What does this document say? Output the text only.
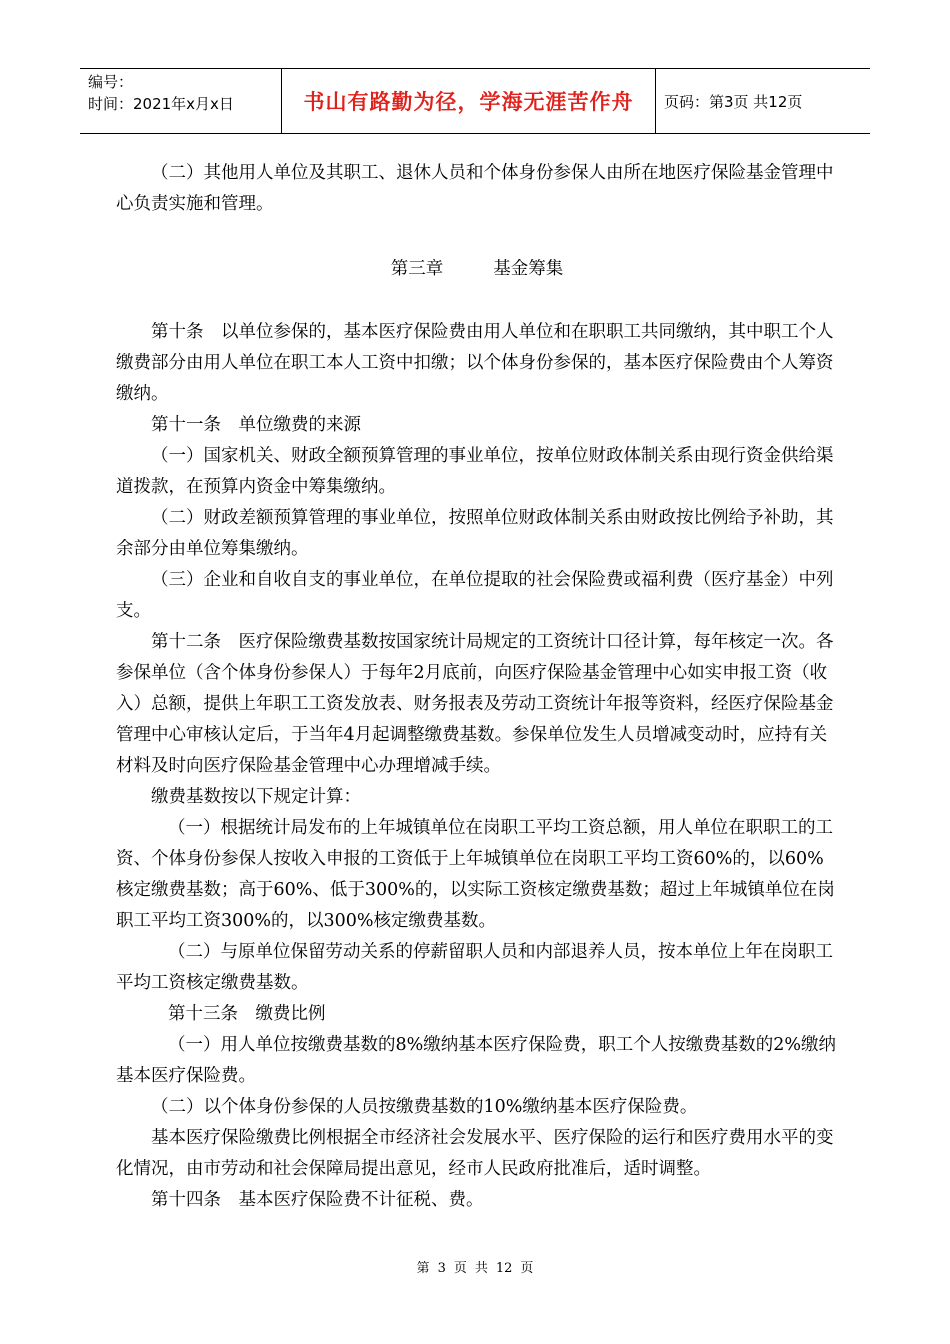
编号：
时间：2021年x月x日	书山有路勤为径，学海无涯苦作舟	页码：第3页 共12页

（二）其他用人单位及其职工、退休人员和个体身份参保人由所在地医疗保险基金管理中心负责实施和管理。

第三章	基金筹集

第十条　以单位参保的，基本医疗保险费由用人单位和在职职工共同缴纳，其中职工个人缴费部分由用人单位在职工本人工资中扣缴；以个体身份参保的，基本医疗保险费由个人筹资缴纳。

第十一条　单位缴费的来源

（一）国家机关、财政全额预算管理的事业单位，按单位财政体制关系由现行资金供给渠道拨款，在预算内资金中筹集缴纳。

（二）财政差额预算管理的事业单位，按照单位财政体制关系由财政按比例给予补助，其余部分由单位筹集缴纳。

（三）企业和自收自支的事业单位，在单位提取的社会保险费或福利费（医疗基金）中列支。

第十二条　医疗保险缴费基数按国家统计局规定的工资统计口径计算，每年核定一次。各参保单位（含个体身份参保人）于每年2月底前，向医疗保险基金管理中心如实申报工资（收入）总额，提供上年职工工资发放表、财务报表及劳动工资统计年报等资料，经医疗保险基金管理中心审核认定后，于当年4月起调整缴费基数。参保单位发生人员增减变动时，应持有关材料及时向医疗保险基金管理中心办理增减手续。

缴费基数按以下规定计算：

（一）根据统计局发布的上年城镇单位在岗职工平均工资总额，用人单位在职职工的工资、个体身份参保人按收入申报的工资低于上年城镇单位在岗职工平均工资60%的，以60%核定缴费基数；高于60%、低于300%的，以实际工资核定缴费基数；超过上年城镇单位在岗职工平均工资300%的，以300%核定缴费基数。

（二）与原单位保留劳动关系的停薪留职人员和内部退养人员，按本单位上年在岗职工平均工资核定缴费基数。

第十三条　缴费比例

（一）用人单位按缴费基数的8%缴纳基本医疗保险费，职工个人按缴费基数的2%缴纳基本医疗保险费。

（二）以个体身份参保的人员按缴费基数的10%缴纳基本医疗保险费。

基本医疗保险缴费比例根据全市经济社会发展水平、医疗保险的运行和医疗费用水平的变化情况，由市劳动和社会保障局提出意见，经市人民政府批准后，适时调整。

第十四条　基本医疗保险费不计征税、费。

第 3 页 共 12 页
